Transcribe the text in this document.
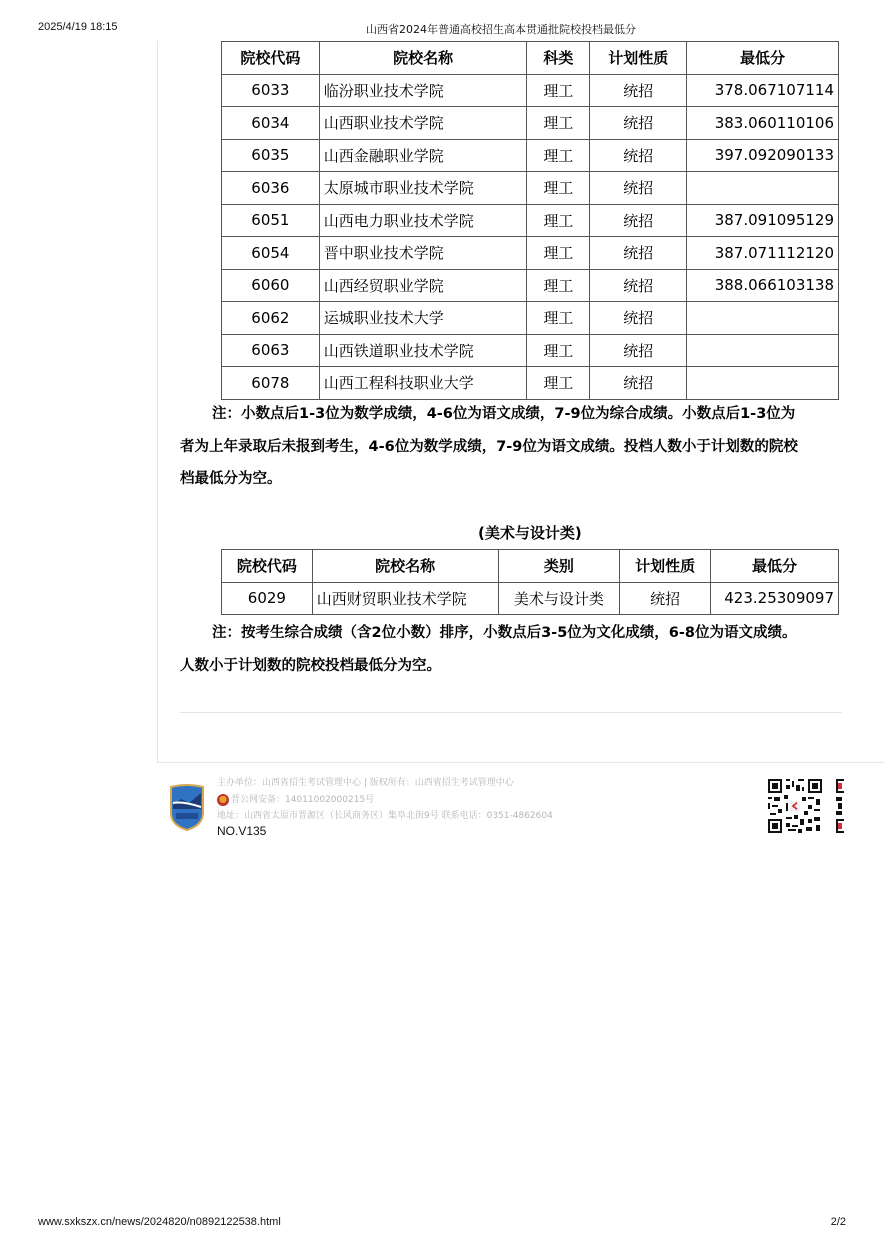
2025/4/19 18:15	山西省2024年普通高校招生高本贯通批院校投档最低分
院校代码	院校名称	科类	计划性质	最低分
6033	临汾职业技术学院	理工	统招	378.067107114
6034	山西职业技术学院	理工	统招	383.060110106
6035	山西金融职业学院	理工	统招	397.092090133
6036	太原城市职业技术学院	理工	统招	
6051	山西电力职业技术学院	理工	统招	387.091095129
6054	晋中职业技术学院	理工	统招	387.071112120
6060	山西经贸职业学院	理工	统招	388.066103138
6062	运城职业技术大学	理工	统招	
6063	山西铁道职业技术学院	理工	统招	
6078	山西工程科技职业大学	理工	统招	
注：小数点后1-3位为数学成绩，4-6位为语文成绩，7-9位为综合成绩。小数点后1-3位为
者为上年录取后未报到考生，4-6位为数学成绩，7-9位为语文成绩。投档人数小于计划数的院校
档最低分为空。
(美术与设计类)
院校代码	院校名称	类别	计划性质	最低分
6029	山西财贸职业技术学院	美术与设计类	统招	423.25309097
注：按考生综合成绩（含2位小数）排序，小数点后3-5位为文化成绩，6-8位为语文成绩。
人数小于计划数的院校投档最低分为空。
主办单位：山西省招生考试管理中心 | 版权所有：山西省招生考试管理中心
晋公网安备：14011002000215号
地址：山西省太原市晋源区（长风商务区）集阜北街9号 联系电话：0351-4862604
NO.V135
www.sxkszx.cn/news/2024820/n0892122538.html	2/2
